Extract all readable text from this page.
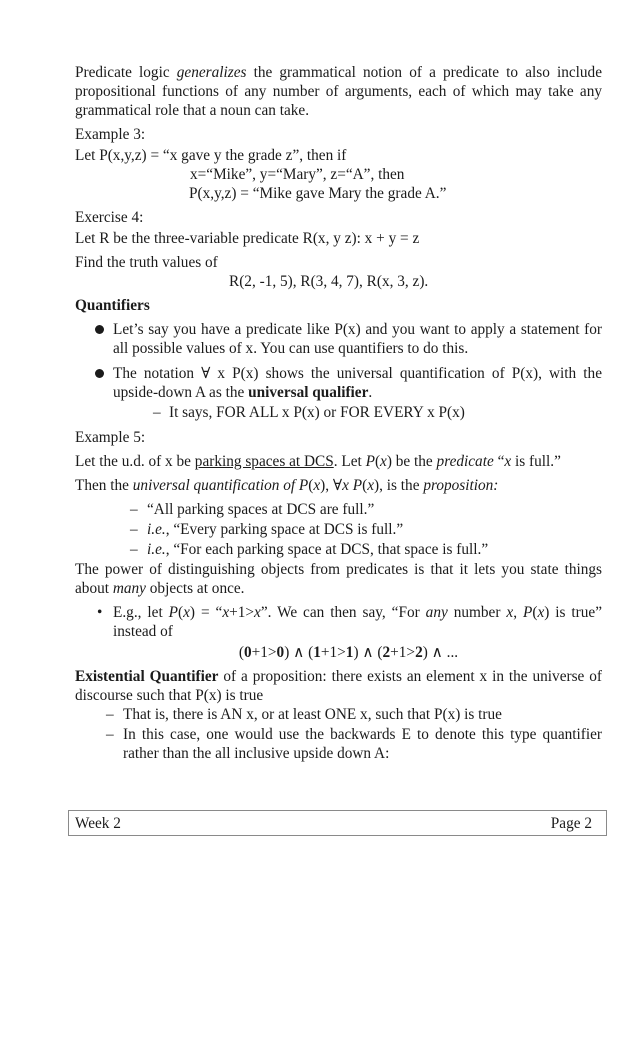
Predicate logic generalizes the grammatical notion of a predicate to also include propositional functions of any number of arguments, each of which may take any grammatical role that a noun can take.

Example 3:

Let P(x,y,z) = “x gave y the grade z”, then if

x=“Mike”, y=“Mary”, z=“A”, then

P(x,y,z) = “Mike gave Mary the grade A.”

Exercise 4:

Let R be the three-variable predicate R(x, y z): x + y = z

Find the truth values of

R(2, -1, 5), R(3, 4, 7), R(x, 3, z).

Quantifiers

Let’s say you have a predicate like P(x) and you want to apply a statement for all possible values of x. You can use quantifiers to do this.
The notation ∀ x P(x) shows the universal quantification of P(x), with the upside-down A as the universal qualifier.
– It says, FOR ALL x P(x) or FOR EVERY x P(x)

Example 5:

Let the u.d. of x be parking spaces at DCS. Let P(x) be the predicate “x is full.”

Then the universal quantification of P(x), ∀x P(x), is the proposition:

– “All parking spaces at DCS are full.”
– i.e., “Every parking space at DCS is full.”
– i.e., “For each parking space at DCS, that space is full.”

The power of distinguishing objects from predicates is that it lets you state things about many objects at once.

• E.g., let P(x) = “x+1>x”. We can then say, “For any number x, P(x) is true” instead of

(0+1>0) ∧ (1+1>1) ∧ (2+1>2) ∧ ...

Existential Quantifier of a proposition: there exists an element x in the universe of discourse such that P(x) is true

– That is, there is AN x, or at least ONE x, such that P(x) is true
– In this case, one would use the backwards E to denote this type quantifier rather than the all inclusive upside down A:
Week 2	Page 2
